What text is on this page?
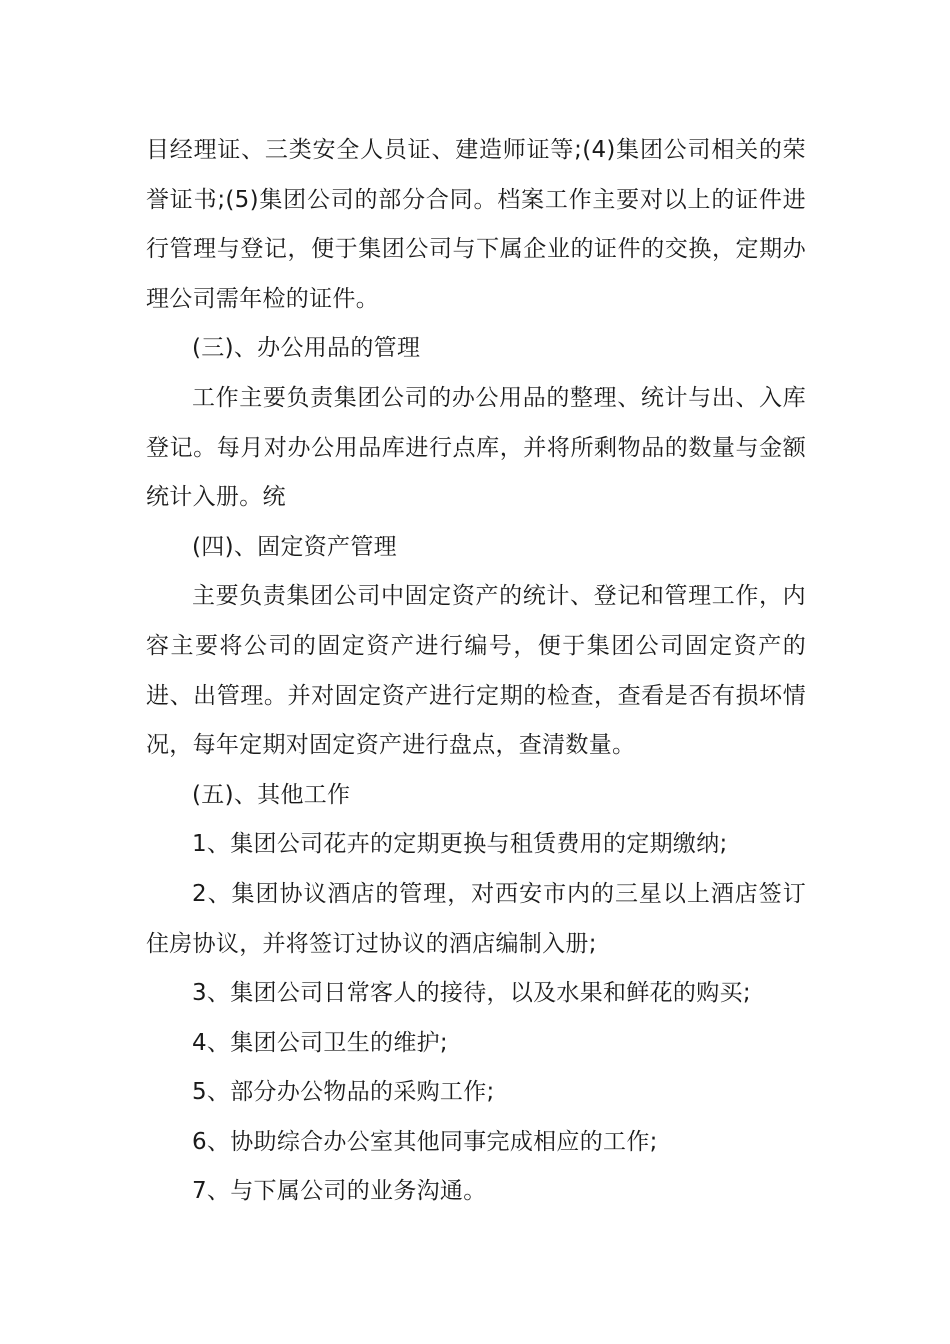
目经理证、三类安全人员证、建造师证等;(4)集团公司相关的荣誉证书;(5)集团公司的部分合同。档案工作主要对以上的证件进行管理与登记，便于集团公司与下属企业的证件的交换，定期办理公司需年检的证件。

(三)、办公用品的管理

工作主要负责集团公司的办公用品的整理、统计与出、入库登记。每月对办公用品库进行点库，并将所剩物品的数量与金额统计入册。统

(四)、固定资产管理

主要负责集团公司中固定资产的统计、登记和管理工作，内容主要将公司的固定资产进行编号，便于集团公司固定资产的进、出管理。并对固定资产进行定期的检查，查看是否有损坏情况，每年定期对固定资产进行盘点，查清数量。

(五)、其他工作

1、集团公司花卉的定期更换与租赁费用的定期缴纳;

2、集团协议酒店的管理，对西安市内的三星以上酒店签订住房协议，并将签订过协议的酒店编制入册;

3、集团公司日常客人的接待，以及水果和鲜花的购买;

4、集团公司卫生的维护;

5、部分办公物品的采购工作;

6、协助综合办公室其他同事完成相应的工作;

7、与下属公司的业务沟通。
